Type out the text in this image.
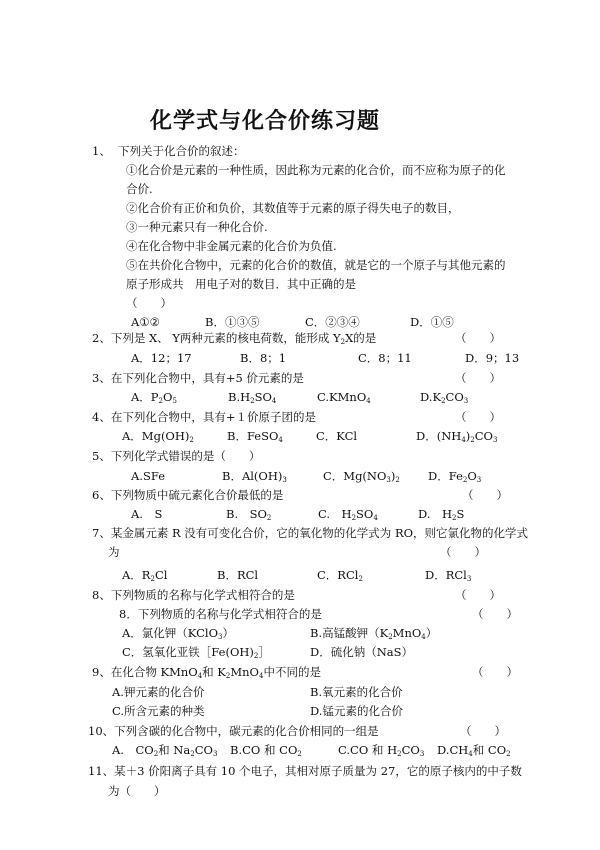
化学式与化合价练习题
1、 下列关于化合价的叙述：
①化合价是元素的一种性质，因此称为元素的化合价，而不应称为原子的化
合价.
②化合价有正价和负价，其数值等于元素的原子得失电子的数目，
③一种元素只有一种化合价.
④在化合物中非金属元素的化合价为负值.
⑤在共价化合物中，元素的化合价的数值，就是它的一个原子与其他元素的
原子形成共　用电子对的数目．其中正确的是
（　　）
A①②	B．①③⑤	C．②③④	D．①⑤
2、下列是 X、 Y两种元素的核电荷数，能形成 $Y_2X$的是	（　　）
A．12；17	B．8；1	C．8；11	D．9；13
3、在下列化合物中，具有+5 价元素的是	（　　）
A．$P_2O_5$	$B.H_2SO_4$	C.KMnO$_4$	$D.K_2CO_3$
4、在下列化合物中，具有+１价原子团的是	（　　）
A．$Mg(OH)_2$	B．FeSO$_4$	C．KCl	D．$(NH_4)_2CO_3$
5、下列化学式错误的是（　　）
A.SFe	B．$Al(OH)_3$	C．$Mg(NO_3)_2$ D．$Fe_2O_3$
6、下列物质中硫元素化合价最低的是	（　　）
A.　S	B.　$SO_2$	C.　$H_2SO_4$	D.　$H_2S$
7、某金属元素 R 没有可变化合价，它的氧化物的化学式为 RO，则它氯化物的化学式
为	（　　）
A．$R_2Cl$	B．RCl	C．RCl$_2$	D．RCl$_3$
8、下列物质的名称与化学式相符合的是	（　　）
8．下列物质的名称与化学式相符合的是	（　　）
A．氯化钾（KClO$_3$）	B.高锰酸钾$(K_2MnO_4)$
C．氢氧化亚铁$[Fe(OH)_2]$	D．硫化钠（NaS）
9、在化合物 KMnO$_4$和 $K_2MnO_4$中不同的是	（　　）
A.钾元素的化合价	B.氧元素的化合价
C.所含元素的种类	D.锰元素的化合价
10、下列含碳的化合物中，碳元素的化合价相同的一组是	（　　）
A.　$CO_2$和 $Na_2CO_3$ B.CO 和 $CO_2$	C.CO 和 $H_2CO_3$ $D.CH_4$和 $CO_2$
11、某＋3 价阳离子具有 10 个电子，其相对原子质量为 27，它的原子核内的中子数
为（　　）
